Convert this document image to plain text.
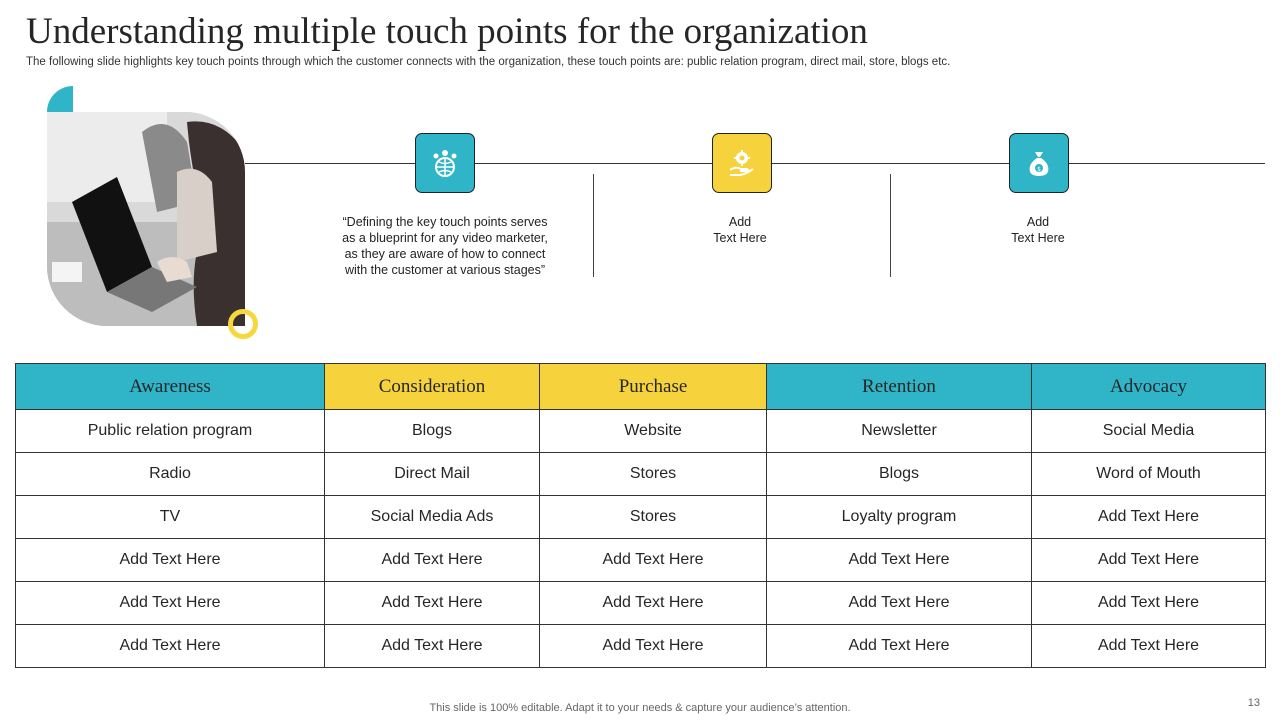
Understanding multiple touch points for the organization

The following slide highlights key touch points through which the customer connects with the organization, these touch points are: public relation program, direct mail, store, blogs etc.

$
“Defining the key touch points serves as a blueprint for any video marketer, as they are aware of how to connect with the customer at various stages”
Add
Text Here
Add
Text Here
Awareness	Consideration	Purchase	Retention	Advocacy
Public relation program	Blogs	Website	Newsletter	Social Media
Radio	Direct Mail	Stores	Blogs	Word of Mouth
TV	Social Media Ads	Stores	Loyalty program	Add Text Here
Add Text Here	Add Text Here	Add Text Here	Add Text Here	Add Text Here
Add Text Here	Add Text Here	Add Text Here	Add Text Here	Add Text Here
Add Text Here	Add Text Here	Add Text Here	Add Text Here	Add Text Here
This slide is 100% editable. Adapt it to your needs & capture your audience’s attention.	13
